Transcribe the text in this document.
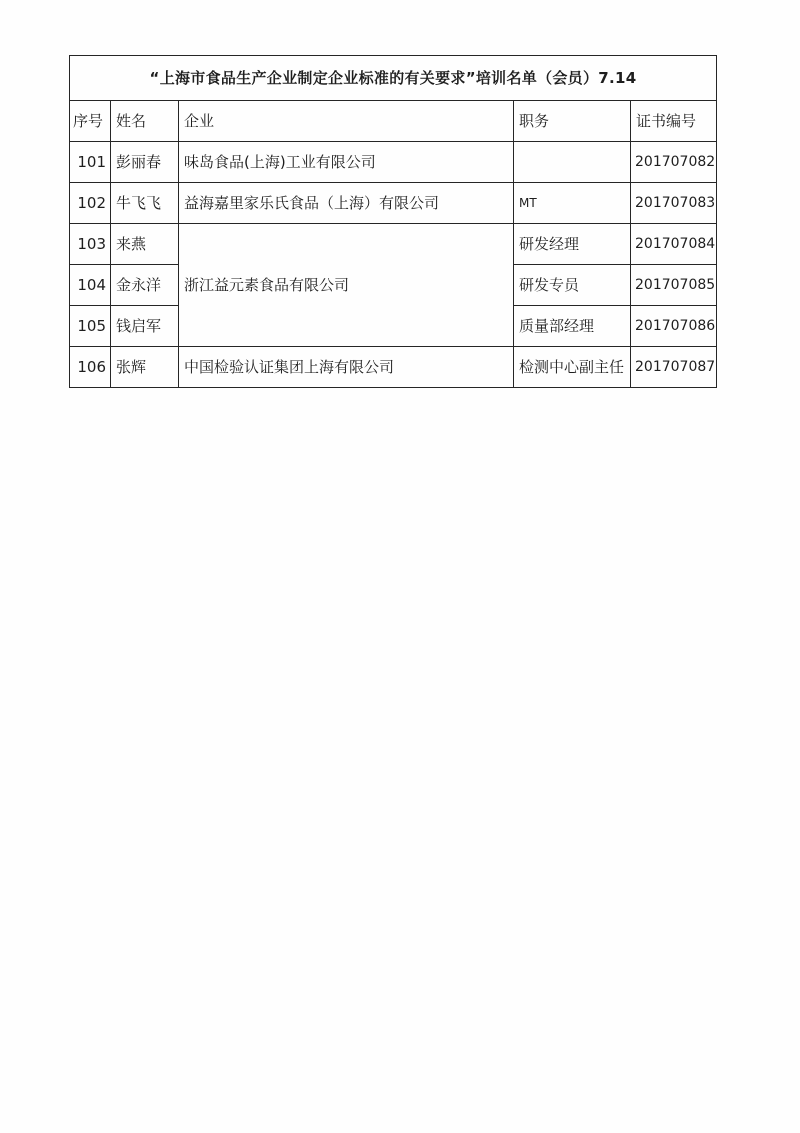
“上海市食品生产企业制定企业标准的有关要求”培训名单（会员）7.14				
序号	姓名	企业	职务	证书编号
101	彭丽春	味岛食品(上海)工业有限公司		201707082
102	牛飞飞	益海嘉里家乐氏食品（上海）有限公司	MT	201707083
103	来燕	浙江益元素食品有限公司	研发经理	201707084
104	金永洋		研发专员	201707085
105	钱启军		质量部经理	201707086
106	张辉	中国检验认证集团上海有限公司	检测中心副主任	201707087
